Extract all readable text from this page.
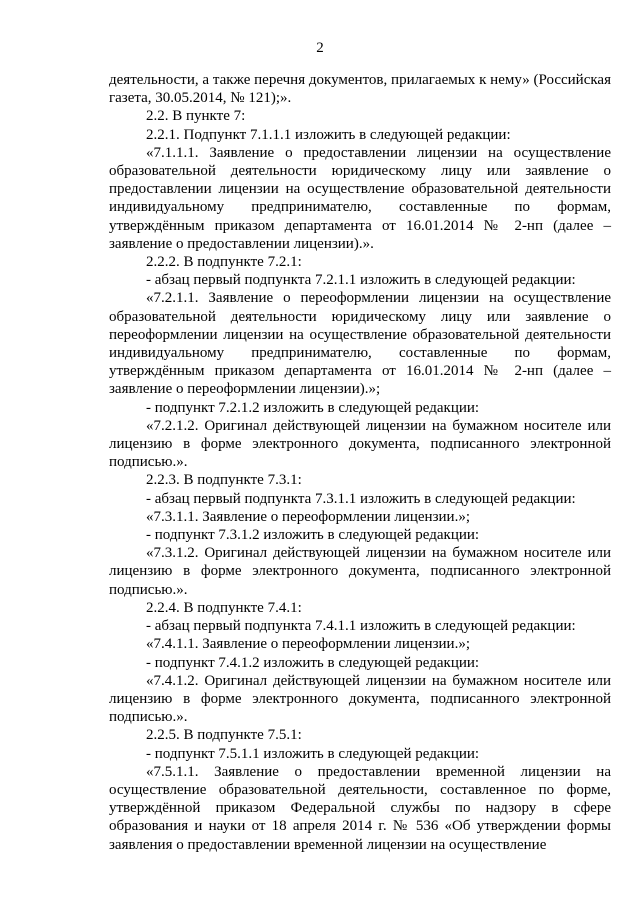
2

деятельности, а также перечня документов, прилагаемых к нему» (Российская газета, 30.05.2014, № 121);».

2.2. В пункте 7:

2.2.1. Подпункт 7.1.1.1 изложить в следующей редакции:

«7.1.1.1. Заявление о предоставлении лицензии на осуществление образовательной деятельности юридическому лицу или заявление о предоставлении лицензии на осуществление образовательной деятельности индивидуальному предпринимателю, составленные по формам, утверждённым приказом департамента от 16.01.2014 № 2-нп (далее – заявление о предоставлении лицензии).».

2.2.2. В подпункте 7.2.1:

- абзац первый подпункта 7.2.1.1 изложить в следующей редакции:

«7.2.1.1. Заявление о переоформлении лицензии на осуществление образовательной деятельности юридическому лицу или заявление о переоформлении лицензии на осуществление образовательной деятельности индивидуальному предпринимателю, составленные по формам, утверждённым приказом департамента от 16.01.2014 № 2-нп (далее – заявление о переоформлении лицензии).»;

- подпункт 7.2.1.2 изложить в следующей редакции:

«7.2.1.2. Оригинал действующей лицензии на бумажном носителе или лицензию в форме электронного документа, подписанного электронной подписью.».

2.2.3. В подпункте 7.3.1:

- абзац первый подпункта 7.3.1.1 изложить в следующей редакции:

«7.3.1.1. Заявление о переоформлении лицензии.»;

- подпункт 7.3.1.2 изложить в следующей редакции:

«7.3.1.2. Оригинал действующей лицензии на бумажном носителе или лицензию в форме электронного документа, подписанного электронной подписью.».

2.2.4. В подпункте 7.4.1:

- абзац первый подпункта 7.4.1.1 изложить в следующей редакции:

«7.4.1.1. Заявление о переоформлении лицензии.»;

- подпункт 7.4.1.2 изложить в следующей редакции:

«7.4.1.2. Оригинал действующей лицензии на бумажном носителе или лицензию в форме электронного документа, подписанного электронной подписью.».

2.2.5. В подпункте 7.5.1:

- подпункт 7.5.1.1 изложить в следующей редакции:

«7.5.1.1. Заявление о предоставлении временной лицензии на осуществление образовательной деятельности, составленное по форме, утверждённой приказом Федеральной службы по надзору в сфере образования и науки от 18 апреля 2014 г. № 536 «Об утверждении формы заявления о предоставлении временной лицензии на осуществление
